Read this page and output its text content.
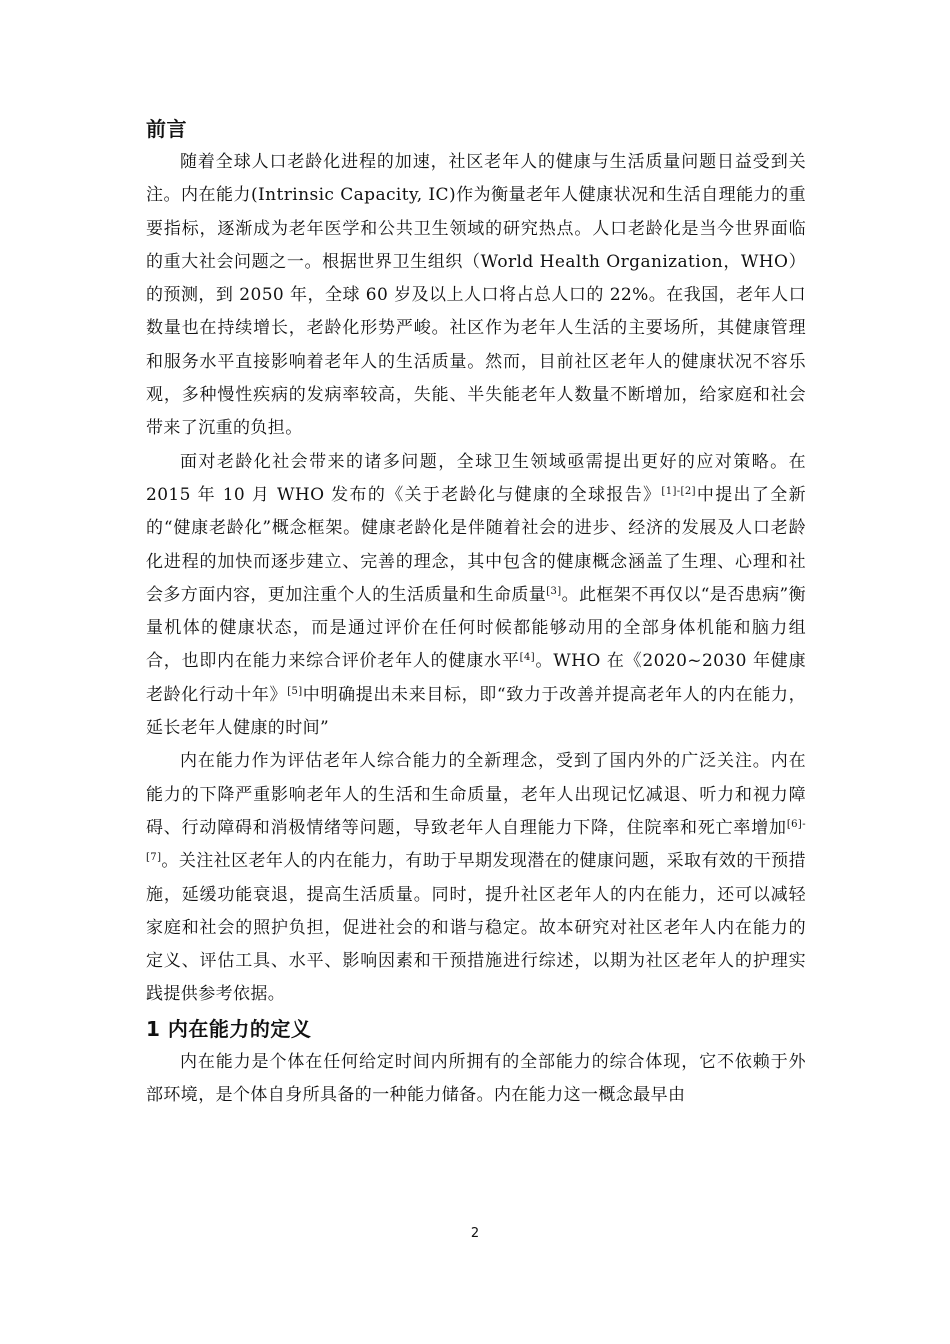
前言

随着全球人口老龄化进程的加速，社区老年人的健康与生活质量问题日益受到关注。内在能力(Intrinsic Capacity, IC)作为衡量老年人健康状况和生活自理能力的重要指标，逐渐成为老年医学和公共卫生领域的研究热点。人口老龄化是当今世界面临的重大社会问题之一。根据世界卫生组织（World Health Organization，WHO）的预测，到 2050 年，全球 60 岁及以上人口将占总人口的 22%。在我国，老年人口数量也在持续增长，老龄化形势严峻。社区作为老年人生活的主要场所，其健康管理和服务水平直接影响着老年人的生活质量。然而，目前社区老年人的健康状况不容乐观，多种慢性疾病的发病率较高，失能、半失能老年人数量不断增加，给家庭和社会带来了沉重的负担。

面对老龄化社会带来的诸多问题，全球卫生领域亟需提出更好的应对策略。在 2015 年 10 月 WHO 发布的《关于老龄化与健康的全球报告》[1]-[2]中提出了全新的“健康老龄化”概念框架。健康老龄化是伴随着社会的进步、经济的发展及人口老龄化进程的加快而逐步建立、完善的理念，其中包含的健康概念涵盖了生理、心理和社会多方面内容，更加注重个人的生活质量和生命质量[3]。此框架不再仅以“是否患病”衡量机体的健康状态，而是通过评价在任何时候都能够动用的全部身体机能和脑力组合，也即内在能力来综合评价老年人的健康水平[4]。WHO 在《2020~2030 年健康老龄化行动十年》[5]中明确提出未来目标，即“致力于改善并提高老年人的内在能力，延长老年人健康的时间”

内在能力作为评估老年人综合能力的全新理念，受到了国内外的广泛关注。内在能力的下降严重影响老年人的生活和生命质量，老年人出现记忆减退、听力和视力障碍、行动障碍和消极情绪等问题，导致老年人自理能力下降，住院率和死亡率增加[6]-[7]。关注社区老年人的内在能力，有助于早期发现潜在的健康问题，采取有效的干预措施，延缓功能衰退，提高生活质量。同时，提升社区老年人的内在能力，还可以减轻家庭和社会的照护负担，促进社会的和谐与稳定。故本研究对社区老年人内在能力的定义、评估工具、水平、影响因素和干预措施进行综述，以期为社区老年人的护理实践提供参考依据。

1 内在能力的定义

内在能力是个体在任何给定时间内所拥有的全部能力的综合体现，它不依赖于外部环境，是个体自身所具备的一种能力储备。内在能力这一概念最早由

2
